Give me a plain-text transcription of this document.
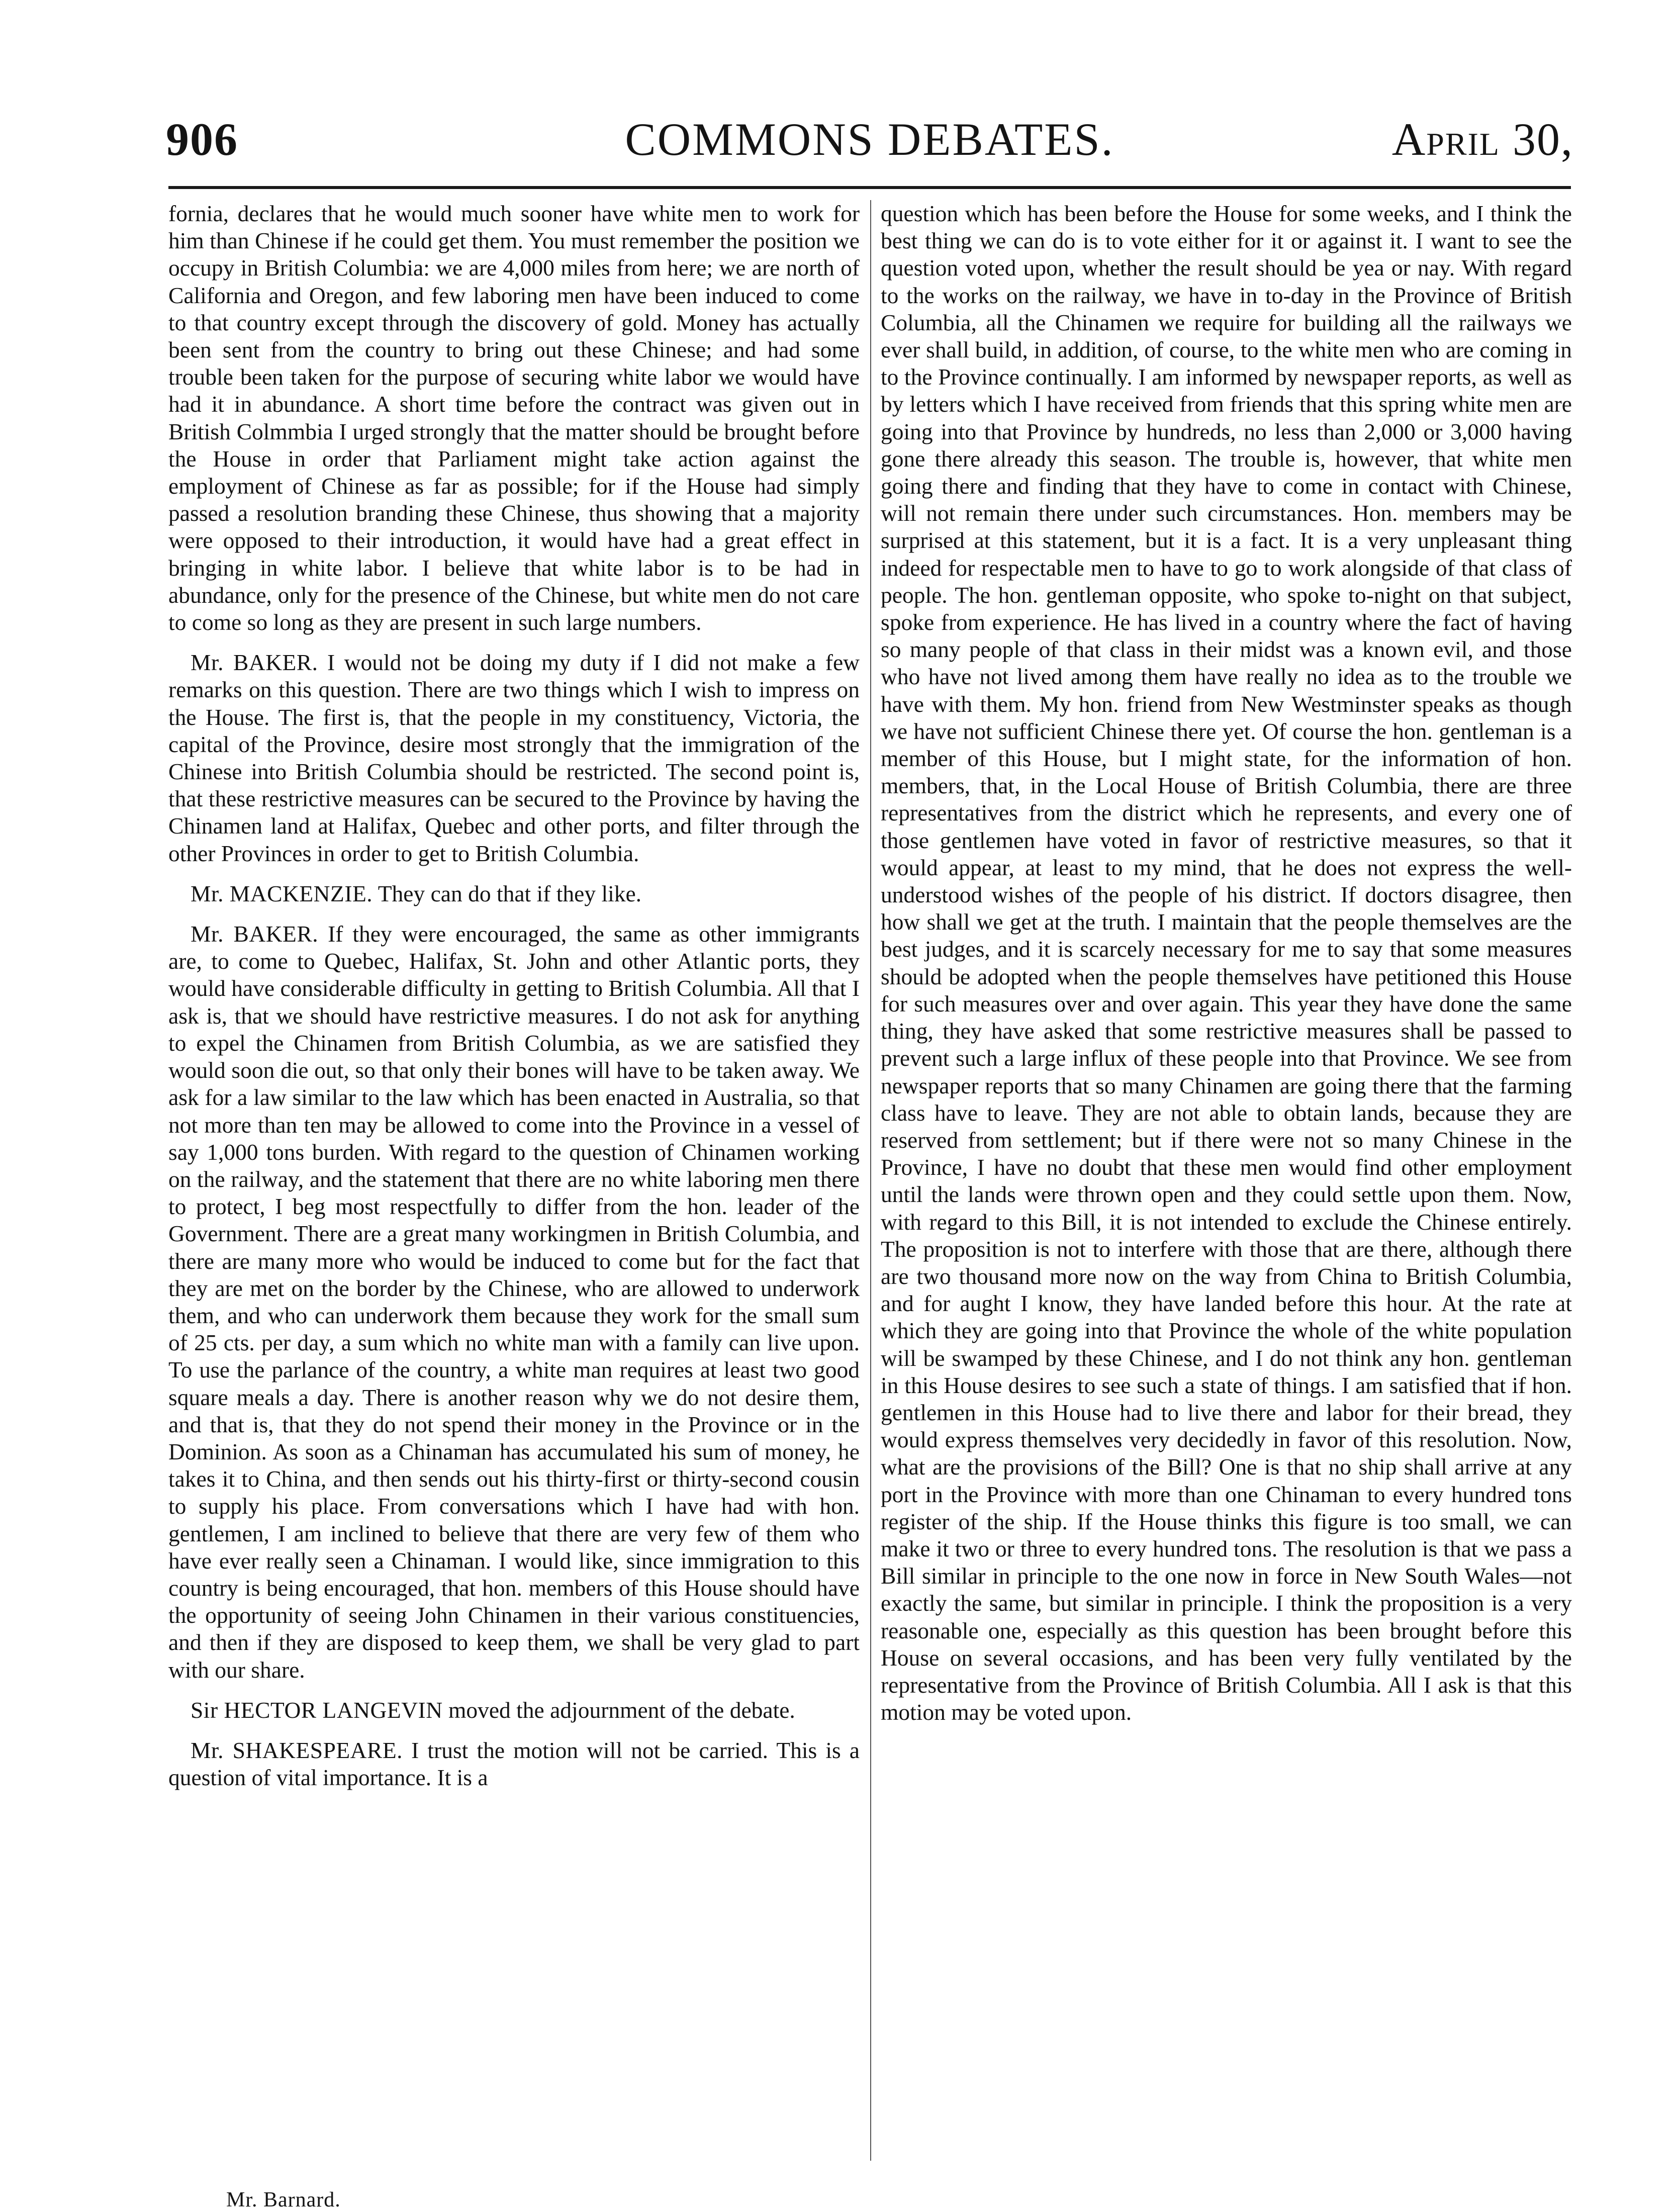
906	COMMONS DEBATES.	April 30,

fornia, declares that he would much sooner have white men to work for him than Chinese if he could get them. You must remember the position we occupy in British Columbia: we are 4,000 miles from here; we are north of California and Oregon, and few laboring men have been induced to come to that country except through the discovery of gold. Money has actually been sent from the country to bring out these Chinese; and had some trouble been taken for the purpose of securing white labor we would have had it in abundance. A short time before the contract was given out in British Colmmbia I urged strongly that the matter should be brought before the House in order that Parliament might take action against the employment of Chinese as far as possible; for if the House had simply passed a resolution branding these Chinese, thus showing that a majority were opposed to their introduction, it would have had a great effect in bringing in white labor. I believe that white labor is to be had in abundance, only for the presence of the Chinese, but white men do not care to come so long as they are present in such large numbers.

Mr. BAKER. I would not be doing my duty if I did not make a few remarks on this question. There are two things which I wish to impress on the House. The first is, that the people in my constituency, Victoria, the capital of the Province, desire most strongly that the immigration of the Chinese into British Columbia should be restricted. The second point is, that these restrictive measures can be secured to the Province by having the Chinamen land at Halifax, Quebec and other ports, and filter through the other Provinces in order to get to British Columbia.

Mr. MACKENZIE. They can do that if they like.

Mr. BAKER. If they were encouraged, the same as other immigrants are, to come to Quebec, Halifax, St. John and other Atlantic ports, they would have considerable difficulty in getting to British Columbia. All that I ask is, that we should have restrictive measures. I do not ask for anything to expel the Chinamen from British Columbia, as we are satisfied they would soon die out, so that only their bones will have to be taken away. We ask for a law similar to the law which has been enacted in Australia, so that not more than ten may be allowed to come into the Province in a vessel of say 1,000 tons burden. With regard to the question of Chinamen working on the railway, and the statement that there are no white laboring men there to protect, I beg most respectfully to differ from the hon. leader of the Government. There are a great many workingmen in British Columbia, and there are many more who would be induced to come but for the fact that they are met on the border by the Chinese, who are allowed to underwork them, and who can underwork them because they work for the small sum of 25 cts. per day, a sum which no white man with a family can live upon. To use the parlance of the country, a white man requires at least two good square meals a day. There is another reason why we do not desire them, and that is, that they do not spend their money in the Province or in the Dominion. As soon as a Chinaman has accumulated his sum of money, he takes it to China, and then sends out his thirty-first or thirty-second cousin to supply his place. From conversations which I have had with hon. gentlemen, I am inclined to believe that there are very few of them who have ever really seen a Chinaman. I would like, since immigration to this country is being encouraged, that hon. members of this House should have the opportunity of seeing John Chinamen in their various constituencies, and then if they are disposed to keep them, we shall be very glad to part with our share.

Sir HECTOR LANGEVIN moved the adjournment of the debate.

Mr. SHAKESPEARE. I trust the motion will not be carried. This is a question of vital importance. It is a

question which has been before the House for some weeks, and I think the best thing we can do is to vote either for it or against it. I want to see the question voted upon, whether the result should be yea or nay. With regard to the works on the railway, we have in to-day in the Province of British Columbia, all the Chinamen we require for building all the railways we ever shall build, in addition, of course, to the white men who are coming in to the Province continually. I am informed by newspaper reports, as well as by letters which I have received from friends that this spring white men are going into that Province by hundreds, no less than 2,000 or 3,000 having gone there already this season. The trouble is, however, that white men going there and finding that they have to come in contact with Chinese, will not remain there under such circumstances. Hon. members may be surprised at this statement, but it is a fact. It is a very unpleasant thing indeed for respectable men to have to go to work alongside of that class of people. The hon. gentleman opposite, who spoke to-night on that subject, spoke from experience. He has lived in a country where the fact of having so many people of that class in their midst was a known evil, and those who have not lived among them have really no idea as to the trouble we have with them. My hon. friend from New Westminster speaks as though we have not sufficient Chinese there yet. Of course the hon. gentleman is a member of this House, but I might state, for the information of hon. members, that, in the Local House of British Columbia, there are three representatives from the district which he represents, and every one of those gentlemen have voted in favor of restrictive measures, so that it would appear, at least to my mind, that he does not express the well-understood wishes of the people of his district. If doctors disagree, then how shall we get at the truth. I maintain that the people themselves are the best judges, and it is scarcely necessary for me to say that some measures should be adopted when the people themselves have petitioned this House for such measures over and over again. This year they have done the same thing, they have asked that some restrictive measures shall be passed to prevent such a large influx of these people into that Province. We see from newspaper reports that so many Chinamen are going there that the farming class have to leave. They are not able to obtain lands, because they are reserved from settlement; but if there were not so many Chinese in the Province, I have no doubt that these men would find other employment until the lands were thrown open and they could settle upon them. Now, with regard to this Bill, it is not intended to exclude the Chinese entirely. The proposition is not to interfere with those that are there, although there are two thousand more now on the way from China to British Columbia, and for aught I know, they have landed before this hour. At the rate at which they are going into that Province the whole of the white population will be swamped by these Chinese, and I do not think any hon. gentleman in this House desires to see such a state of things. I am satisfied that if hon. gentlemen in this House had to live there and labor for their bread, they would express themselves very decidedly in favor of this resolution. Now, what are the provisions of the Bill? One is that no ship shall arrive at any port in the Province with more than one Chinaman to every hundred tons register of the ship. If the House thinks this figure is too small, we can make it two or three to every hundred tons. The resolution is that we pass a Bill similar in principle to the one now in force in New South Wales—not exactly the same, but similar in principle. I think the proposition is a very reasonable one, especially as this question has been brought before this House on several occasions, and has been very fully ventilated by the representative from the Province of British Columbia. All I ask is that this motion may be voted upon.

Mr. Barnard.
